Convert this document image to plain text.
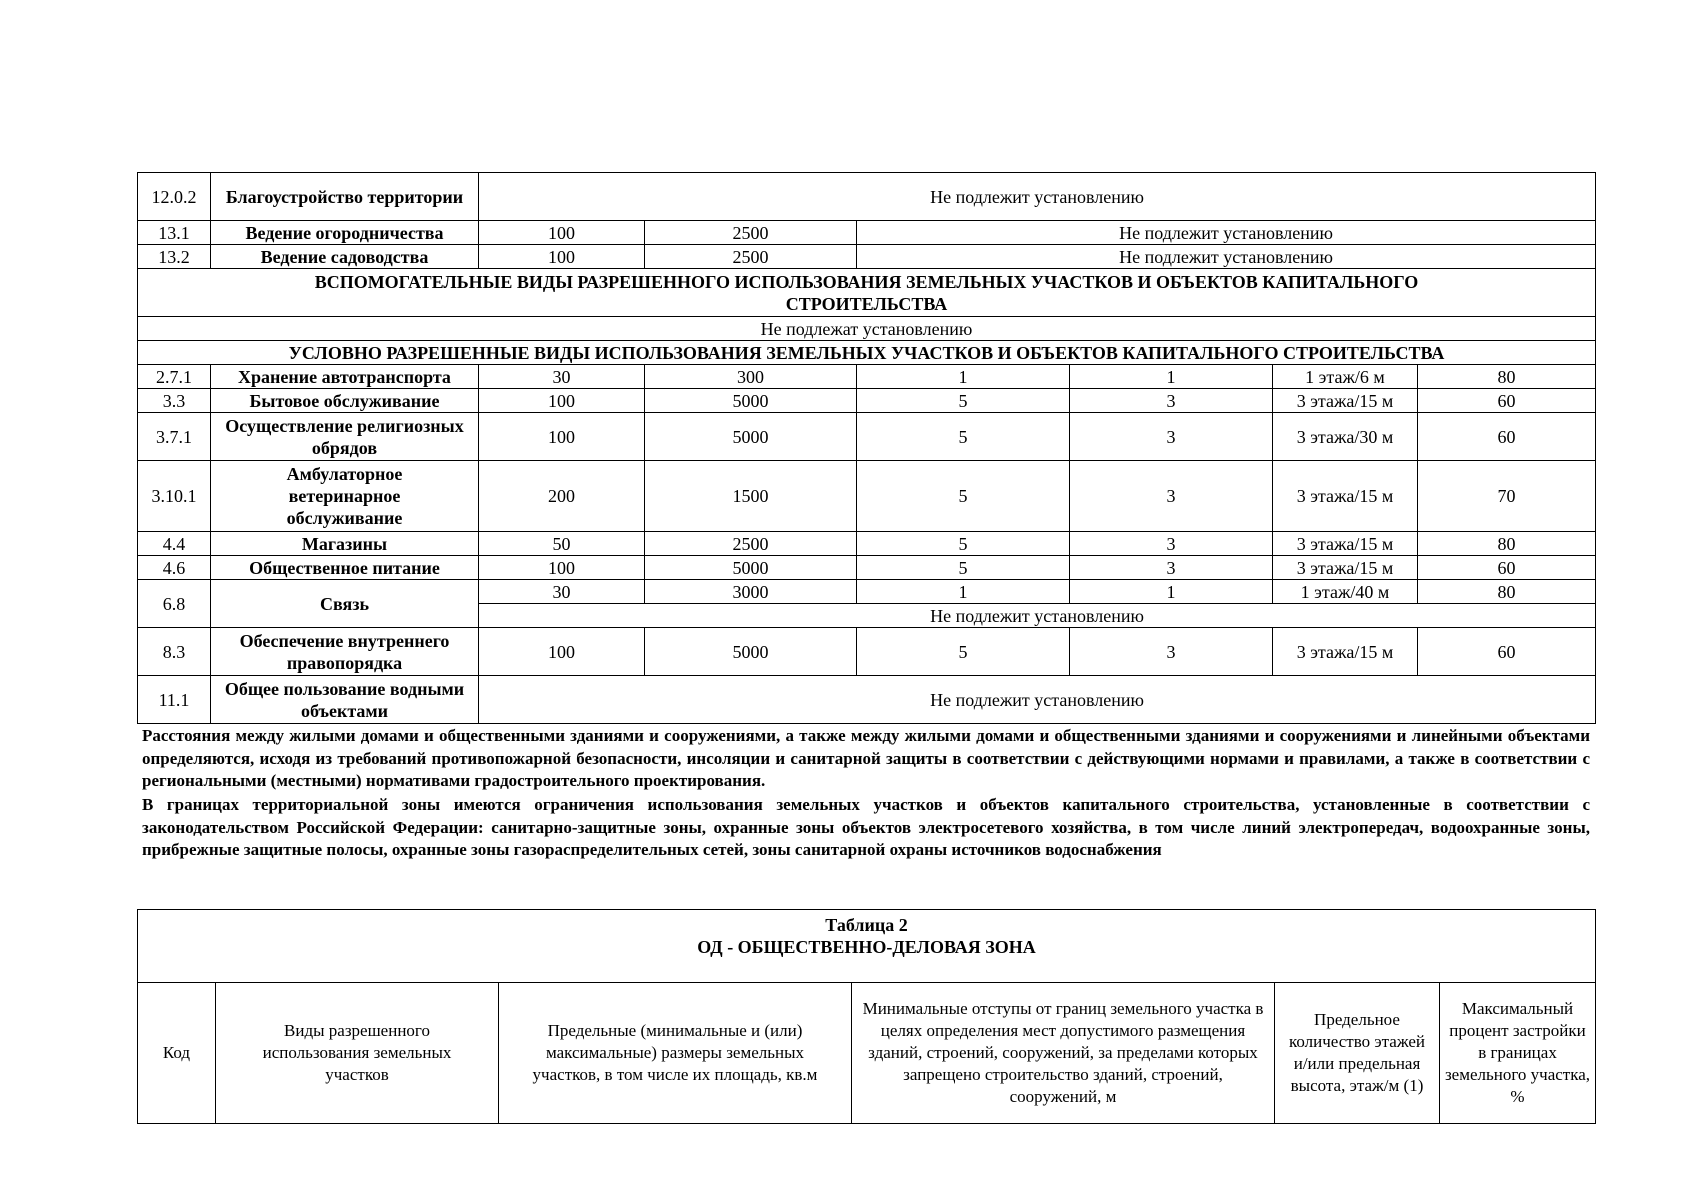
12.0.2	Благоустройство территории	Не подлежит установлению					
13.1	Ведение огородничества	100	2500	Не подлежит установлению			
13.2	Ведение садоводства	100	2500	Не подлежит установлению			
ВСПОМОГАТЕЛЬНЫЕ ВИДЫ РАЗРЕШЕННОГО ИСПОЛЬЗОВАНИЯ ЗЕМЕЛЬНЫХ УЧАСТКОВ И ОБЪЕКТОВ КАПИТАЛЬНОГО СТРОИТЕЛЬСТВА							
Не подлежат установлению							
УСЛОВНО РАЗРЕШЕННЫЕ ВИДЫ ИСПОЛЬЗОВАНИЯ ЗЕМЕЛЬНЫХ УЧАСТКОВ И ОБЪЕКТОВ КАПИТАЛЬНОГО СТРОИТЕЛЬСТВА							
2.7.1	Хранение автотранспорта	30	300	1	1	1 этаж/6 м	80
3.3	Бытовое обслуживание	100	5000	5	3	3 этажа/15 м	60
3.7.1	Осуществление религиозных обрядов	100	5000	5	3	3 этажа/30 м	60
3.10.1	Амбулаторное ветеринарное обслуживание	200	1500	5	3	3 этажа/15 м	70
4.4	Магазины	50	2500	5	3	3 этажа/15 м	80
4.6	Общественное питание	100	5000	5	3	3 этажа/15 м	60
6.8	Связь	30	3000	1	1	1 этаж/40 м	80
		Не подлежит установлению					
8.3	Обеспечение внутреннего правопорядка	100	5000	5	3	3 этажа/15 м	60
11.1	Общее пользование водными объектами	Не подлежит установлению					

Расстояния между жилыми домами и общественными зданиями и сооружениями, а также между жилыми домами и общественными зданиями и сооружениями и линейными объектами определяются, исходя из требований противопожарной безопасности, инсоляции и санитарной защиты в соответствии с действующими нормами и правилами, а также в соответствии с региональными (местными) нормативами градостроительного проектирования.

В границах территориальной зоны имеются ограничения использования земельных участков и объектов капитального строительства, установленные в соответствии с законодательством Российской Федерации: санитарно-защитные зоны, охранные зоны объектов электросетевого хозяйства, в том числе линий электропередач, водоохранные зоны, прибрежные защитные полосы, охранные зоны газораспределительных сетей, зоны санитарной охраны источников водоснабжения

Таблица 2
ОД - ОБЩЕСТВЕННО-ДЕЛОВАЯ ЗОНА

Код	Виды разрешенного использования земельных участков	Предельные (минимальные и (или) максимальные) размеры земельных участков, в том числе их площадь, кв.м	Минимальные отступы от границ земельного участка в целях определения мест допустимого размещения зданий, строений, сооружений, за пределами которых запрещено строительство зданий, строений, сооружений, м	Предельное количество этажей и/или предельная высота, этаж/м (1)	Максимальный процент застройки в границах земельного участка, %
